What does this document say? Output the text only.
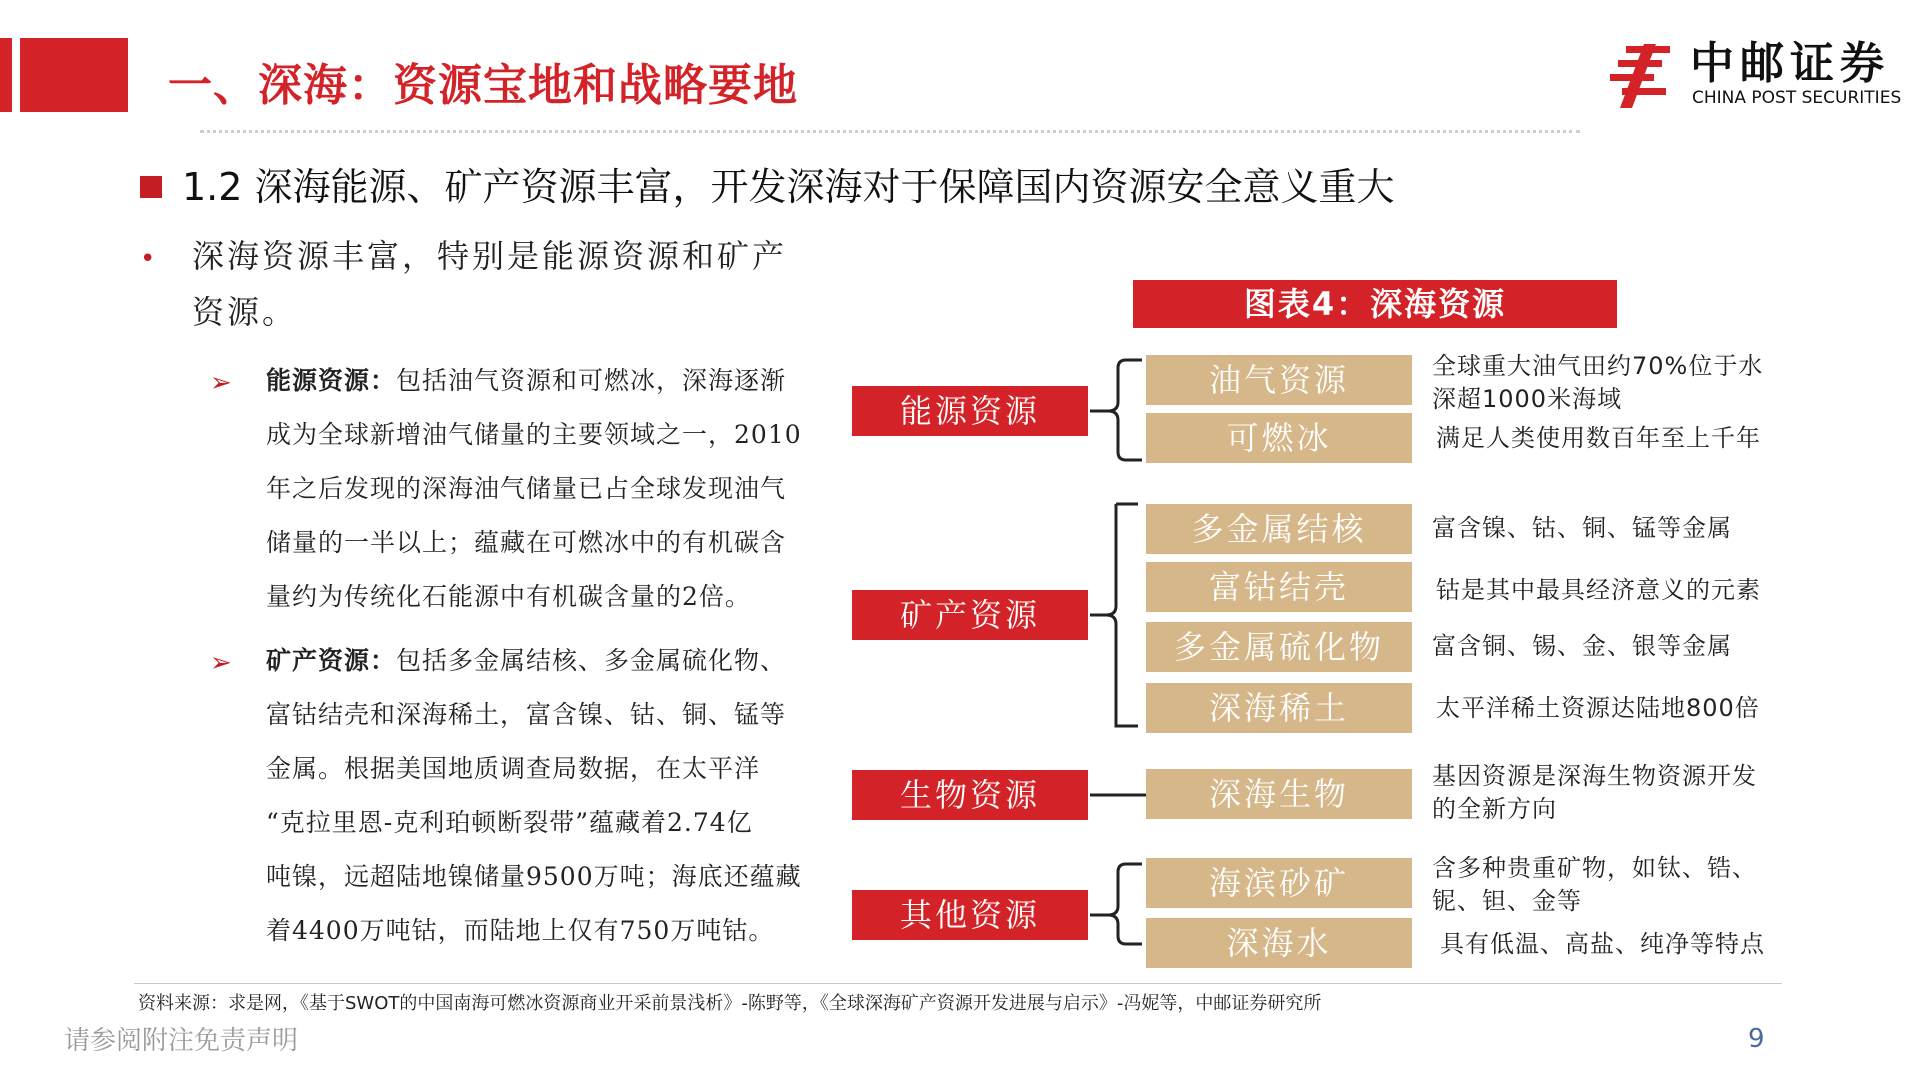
一、深海：资源宝地和战略要地	中邮证券
CHINA POST SECURITIES
1.2 深海能源、矿产资源丰富，开发深海对于保障国内资源安全意义重大
• 深海资源丰富，特别是能源资源和矿产
资源。
➢ 能源资源：包括油气资源和可燃冰，深海逐渐
成为全球新增油气储量的主要领域之一，2010
年之后发现的深海油气储量已占全球发现油气
储量的一半以上；蕴藏在可燃冰中的有机碳含
量约为传统化石能源中有机碳含量的2倍。
➢ 矿产资源：包括多金属结核、多金属硫化物、
富钴结壳和深海稀土，富含镍、钴、铜、锰等
金属。根据美国地质调查局数据，在太平洋
“克拉里恩-克利珀顿断裂带”蕴藏着2.74亿
吨镍，远超陆地镍储量9500万吨；海底还蕴藏
着4400万吨钴，而陆地上仅有750万吨钴。
图表4：深海资源
能源资源
矿产资源
生物资源
其他资源
油气资源
可燃冰
多金属结核
富钴结壳
多金属硫化物
深海稀土
深海生物
海滨砂矿
深海水
全球重大油气田约70%位于水
深超1000米海域
满足人类使用数百年至上千年
富含镍、钴、铜、锰等金属
钴是其中最具经济意义的元素
富含铜、锡、金、银等金属
太平洋稀土资源达陆地800倍
基因资源是深海生物资源开发
的全新方向
含多种贵重矿物，如钛、锆、
铌、钽、金等
具有低温、高盐、纯净等特点
资料来源：求是网，《基于SWOT的中国南海可燃冰资源商业开采前景浅析》-陈野等，《全球深海矿产资源开发进展与启示》-冯妮等，中邮证券研究所
请参阅附注免责声明	9
